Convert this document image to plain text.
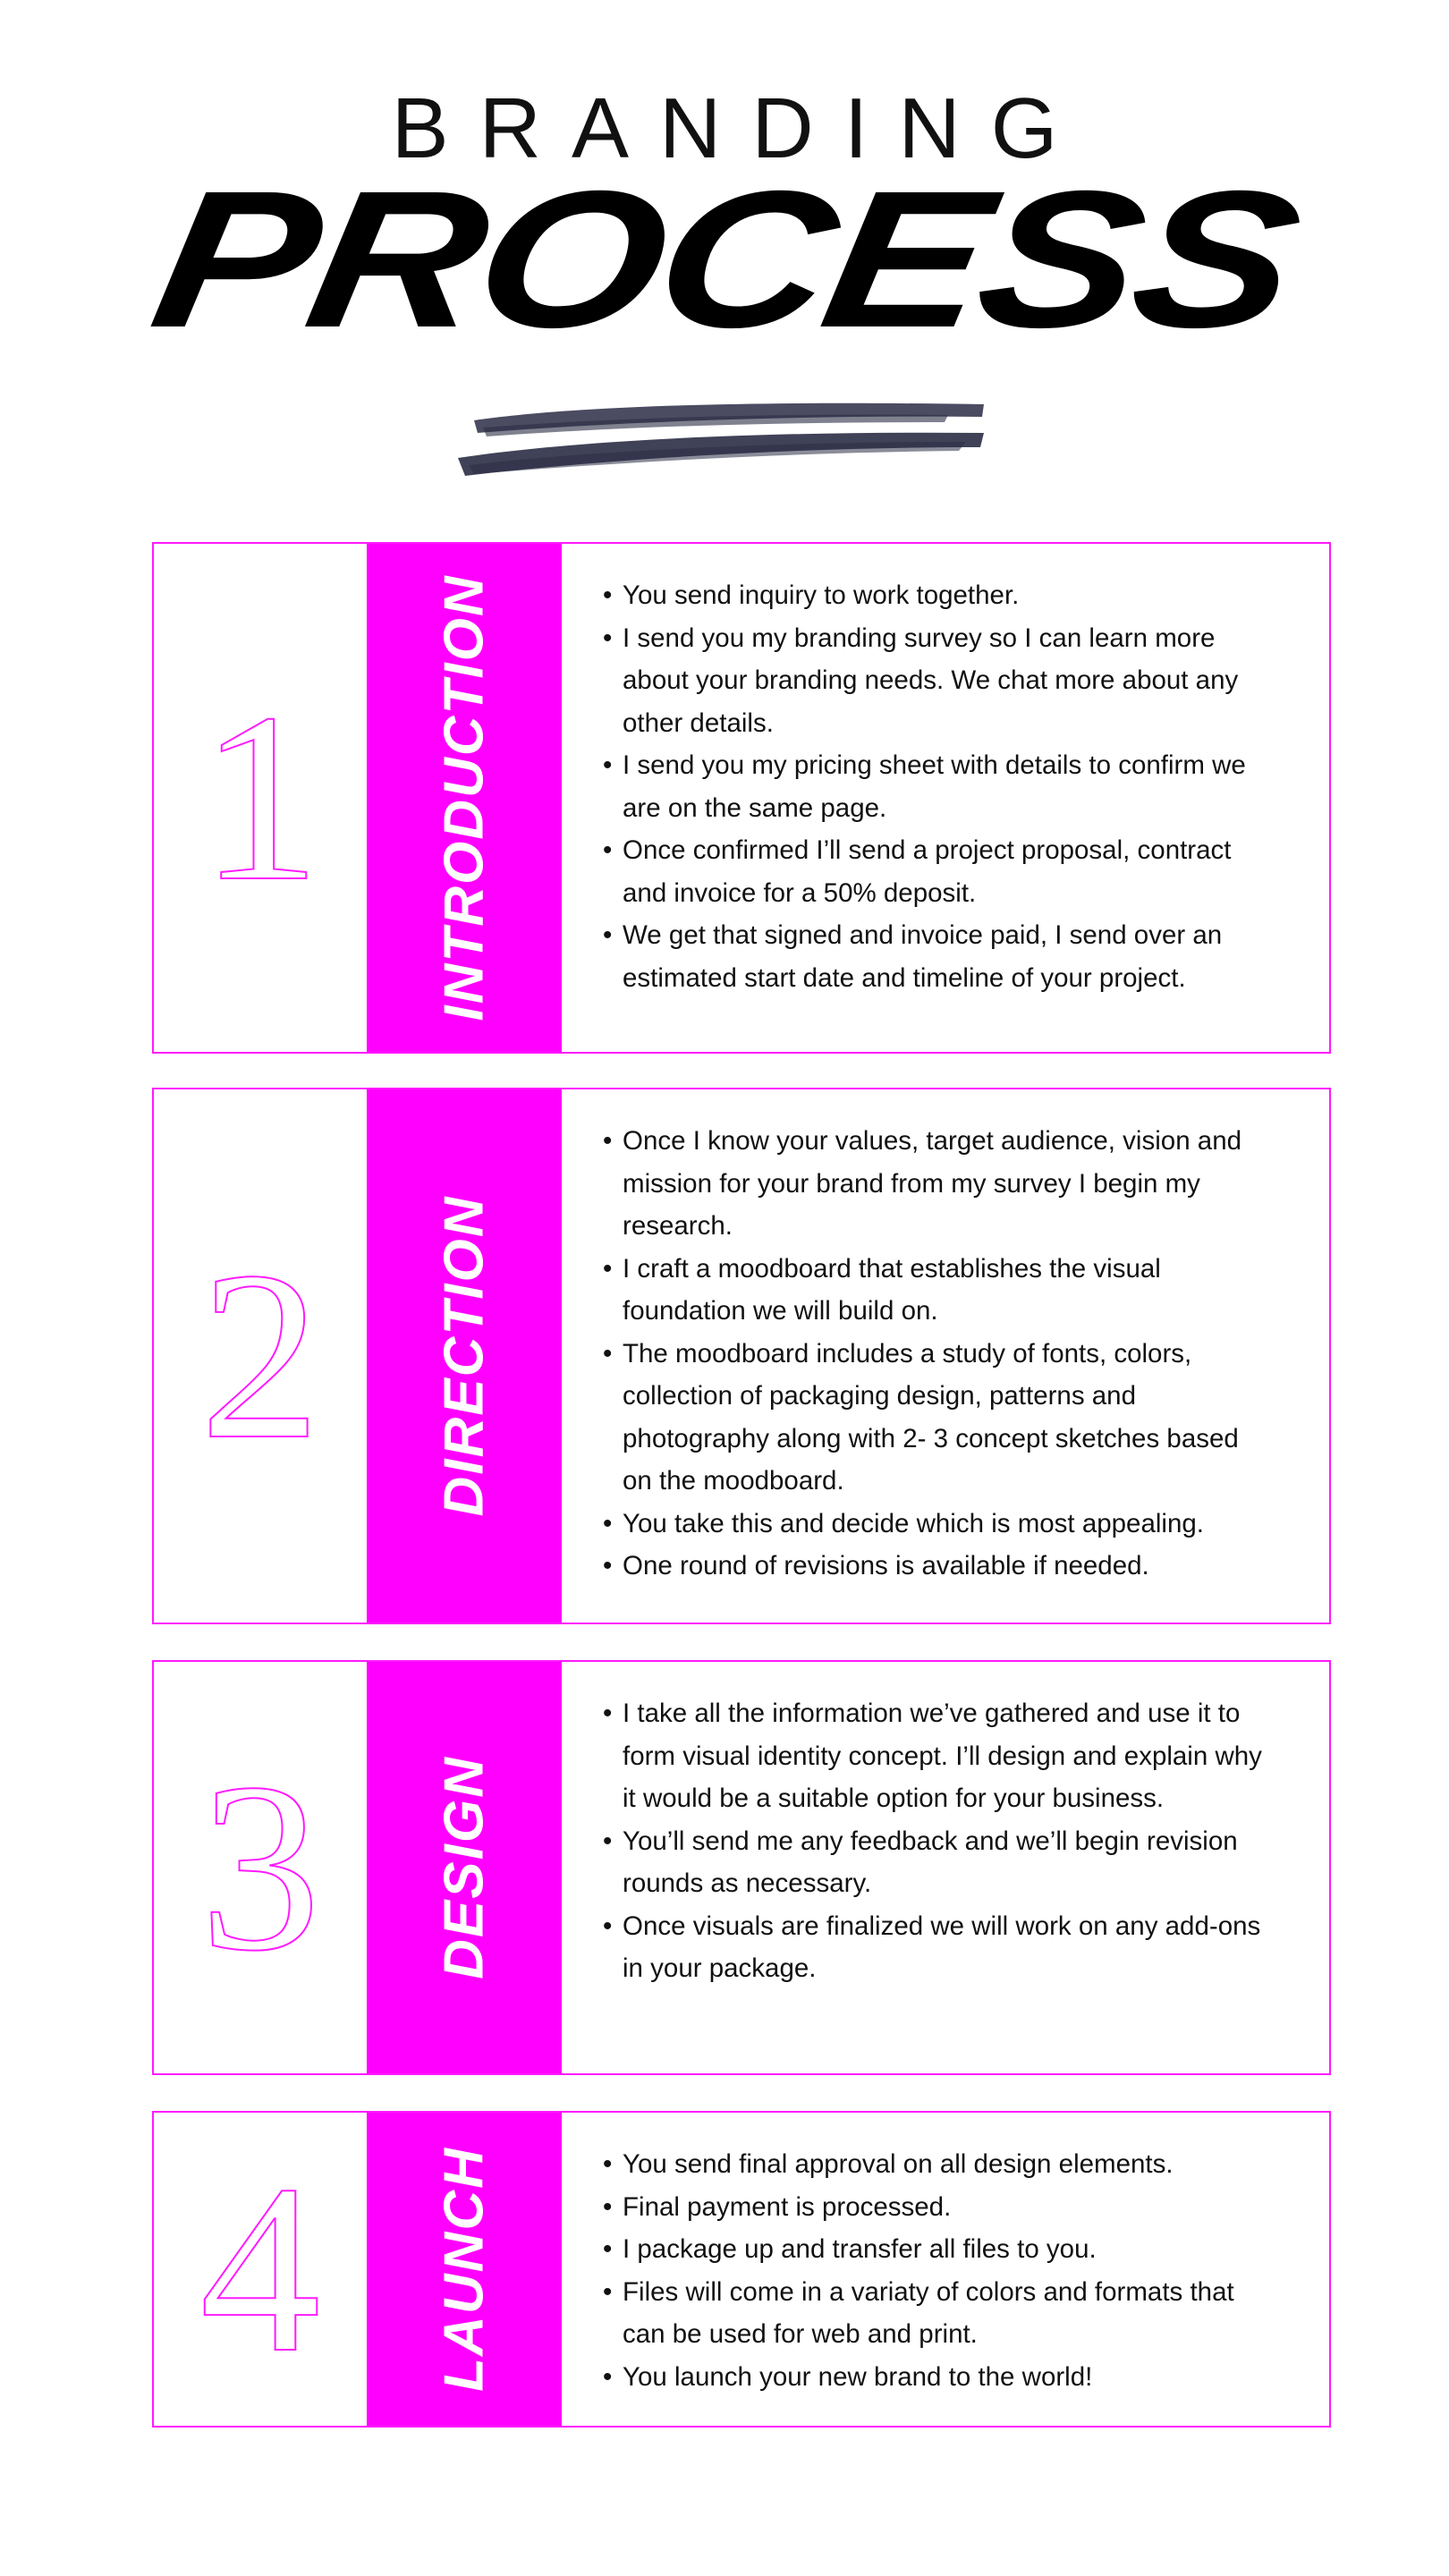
BRANDING
PROCESS
1 INTRODUCTION	• You send inquiry to work together.
• I send you my branding survey so I can learn more about your branding needs. We chat more about any other details.
• I send you my pricing sheet with details to confirm we are on the same page.
• Once confirmed I’ll send a project proposal, contract and invoice for a 50% deposit.
• We get that signed and invoice paid, I send over an estimated start date and timeline of your project.
2 DIRECTION
• Once I know your values, target audience, vision and mission for your brand from my survey I begin my research.
• I craft a moodboard that establishes the visual foundation we will build on.
• The moodboard includes a study of fonts, colors, collection of packaging design, patterns and photography along with 2- 3 concept sketches based on the moodboard.
• You take this and decide which is most appealing.
• One round of revisions is available if needed.
3 DESIGN
• I take all the information we’ve gathered and use it to form visual identity concept. I’ll design and explain why it would be a suitable option for your business.
• You’ll send me any feedback and we’ll begin revision rounds as necessary.
• Once visuals are finalized we will work on any add-ons in your package.
4 LAUNCH	• You send final approval on all design elements.
• Final payment is processed.
• I package up and transfer all files to you.
• Files will come in a variaty of colors and formats that can be used for web and print.
• You launch your new brand to the world!
